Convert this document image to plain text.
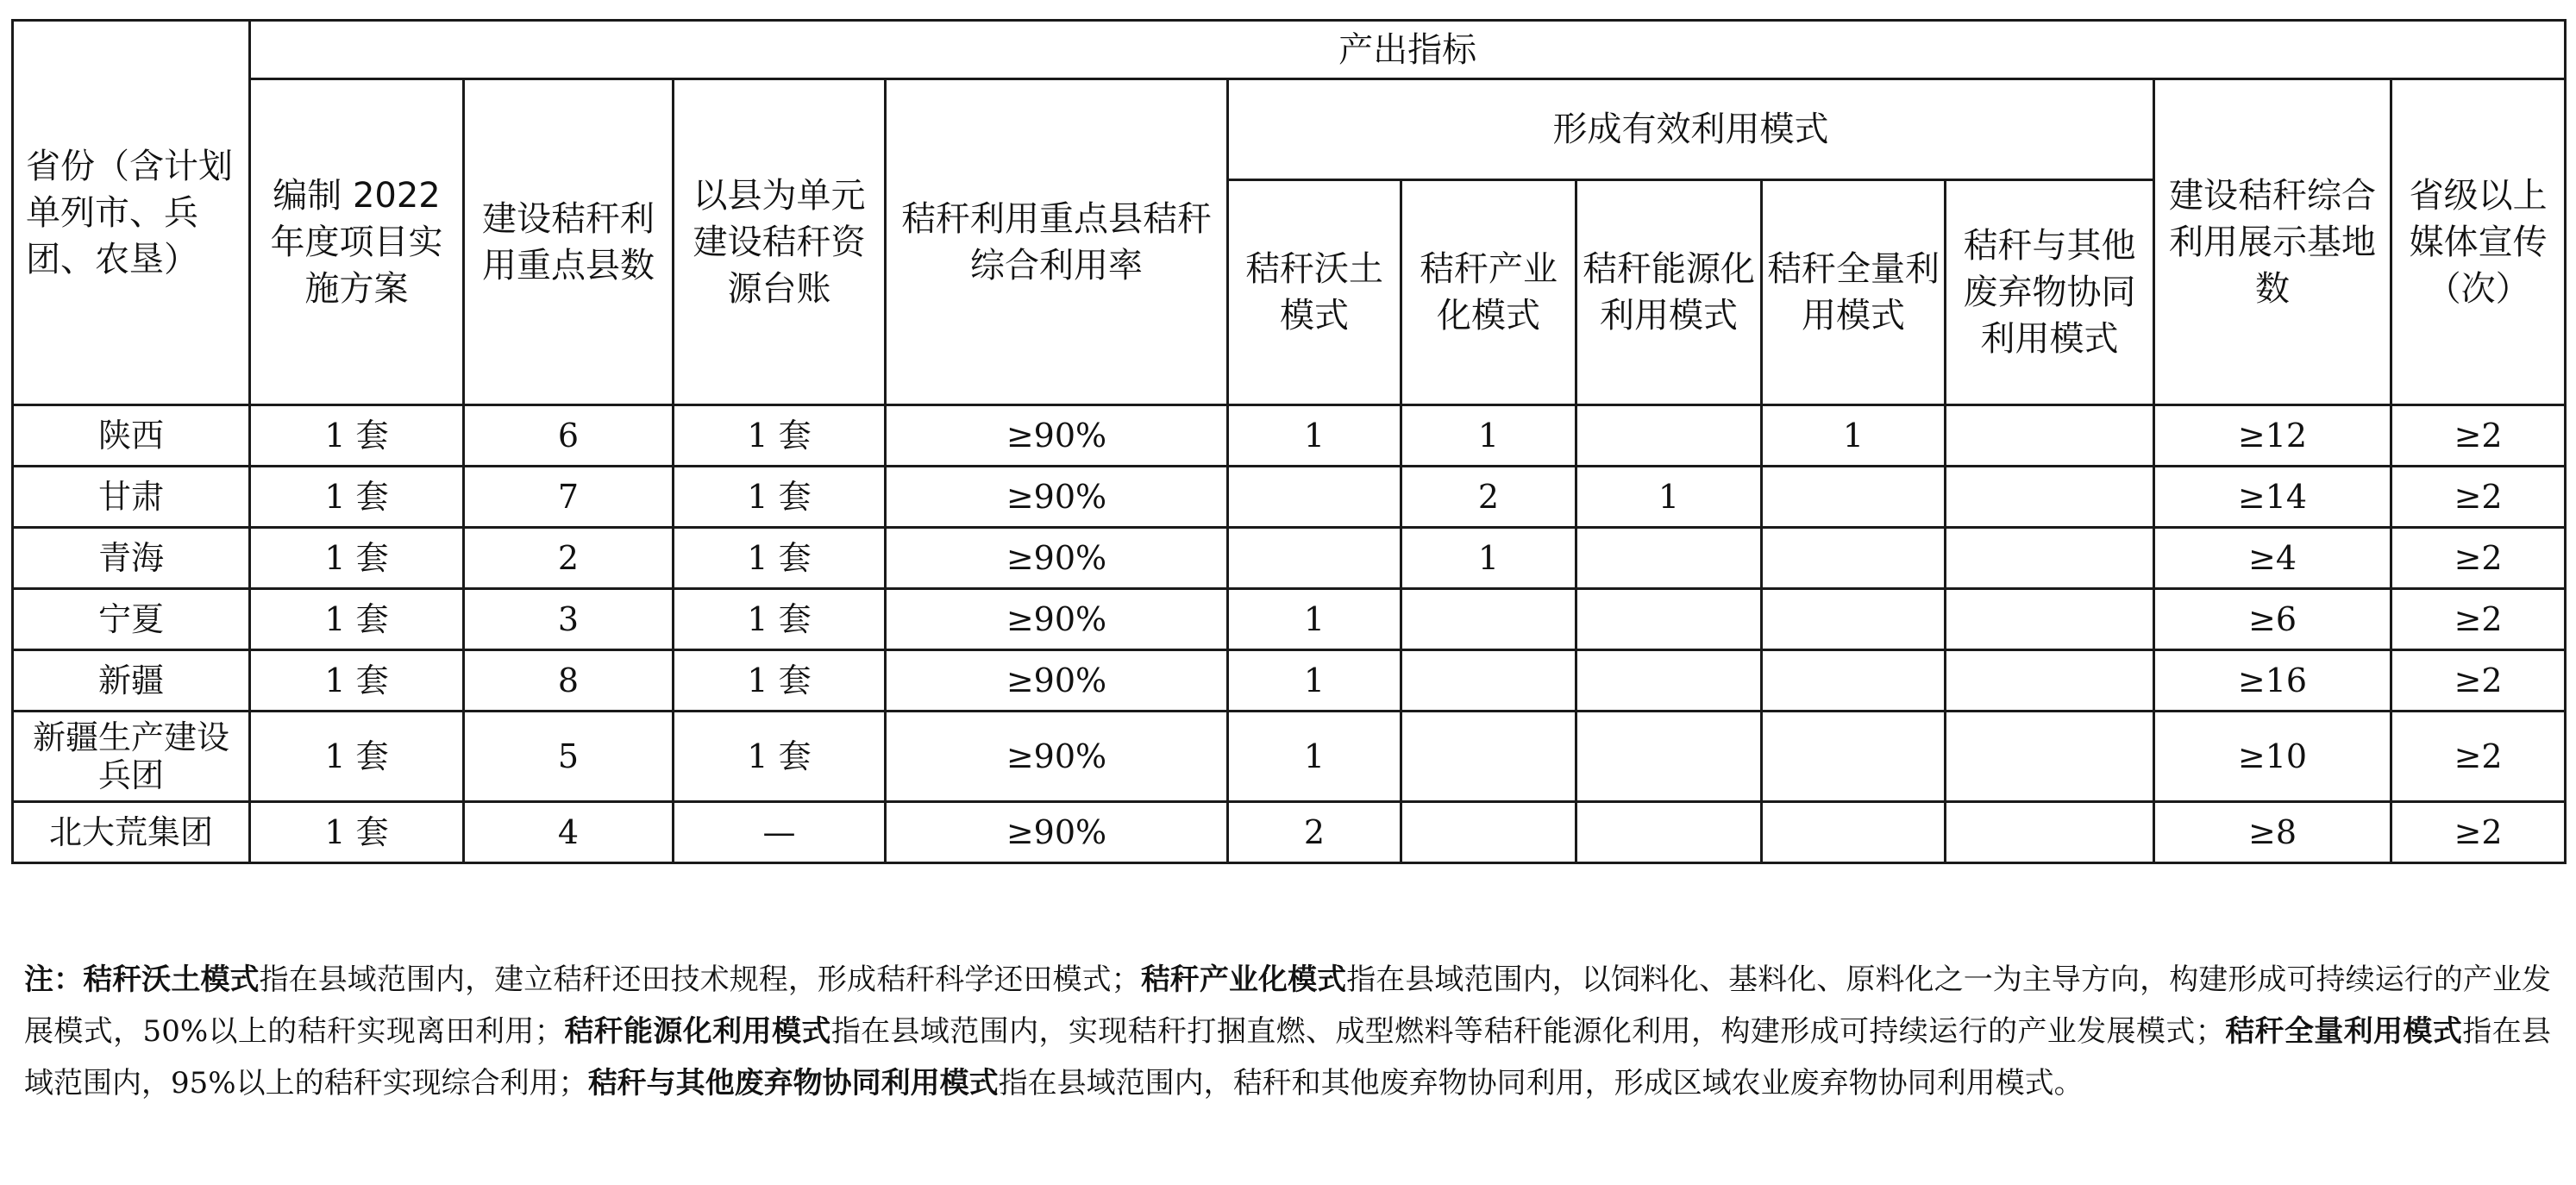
省份（含计划单列市、兵团、农垦）	产出指标										
	编制 2022 年度项目实施方案	建设秸秆利用重点县数	以县为单元建设秸秆资源台账	秸秆利用重点县秸秆综合利用率	形成有效利用模式					建设秸秆综合利用展示基地数	省级以上媒体宣传（次）
					秸秆沃土模式	秸秆产业化模式	秸秆能源化利用模式	秸秆全量利用模式	秸秆与其他废弃物协同利用模式		
陕西	1 套	6	1 套	≥90%	1	1		1		≥12	≥2
甘肃	1 套	7	1 套	≥90%		2	1			≥14	≥2
青海	1 套	2	1 套	≥90%		1				≥4	≥2
宁夏	1 套	3	1 套	≥90%	1					≥6	≥2
新疆	1 套	8	1 套	≥90%	1					≥16	≥2
新疆生产建设兵团	1 套	5	1 套	≥90%	1					≥10	≥2
北大荒集团	1 套	4	—	≥90%	2					≥8	≥2
注：秸秆沃土模式指在县域范围内，建立秸秆还田技术规程，形成秸秆科学还田模式；秸秆产业化模式指在县域范围内，以饲料化、基料化、原料化之一为主导方向，构建形成可持续运行的产业发展模式，50%以上的秸秆实现离田利用；秸秆能源化利用模式指在县域范围内，实现秸秆打捆直燃、成型燃料等秸秆能源化利用，构建形成可持续运行的产业发展模式；秸秆全量利用模式指在县域范围内，95%以上的秸秆实现综合利用；秸秆与其他废弃物协同利用模式指在县域范围内，秸秆和其他废弃物协同利用，形成区域农业废弃物协同利用模式。
